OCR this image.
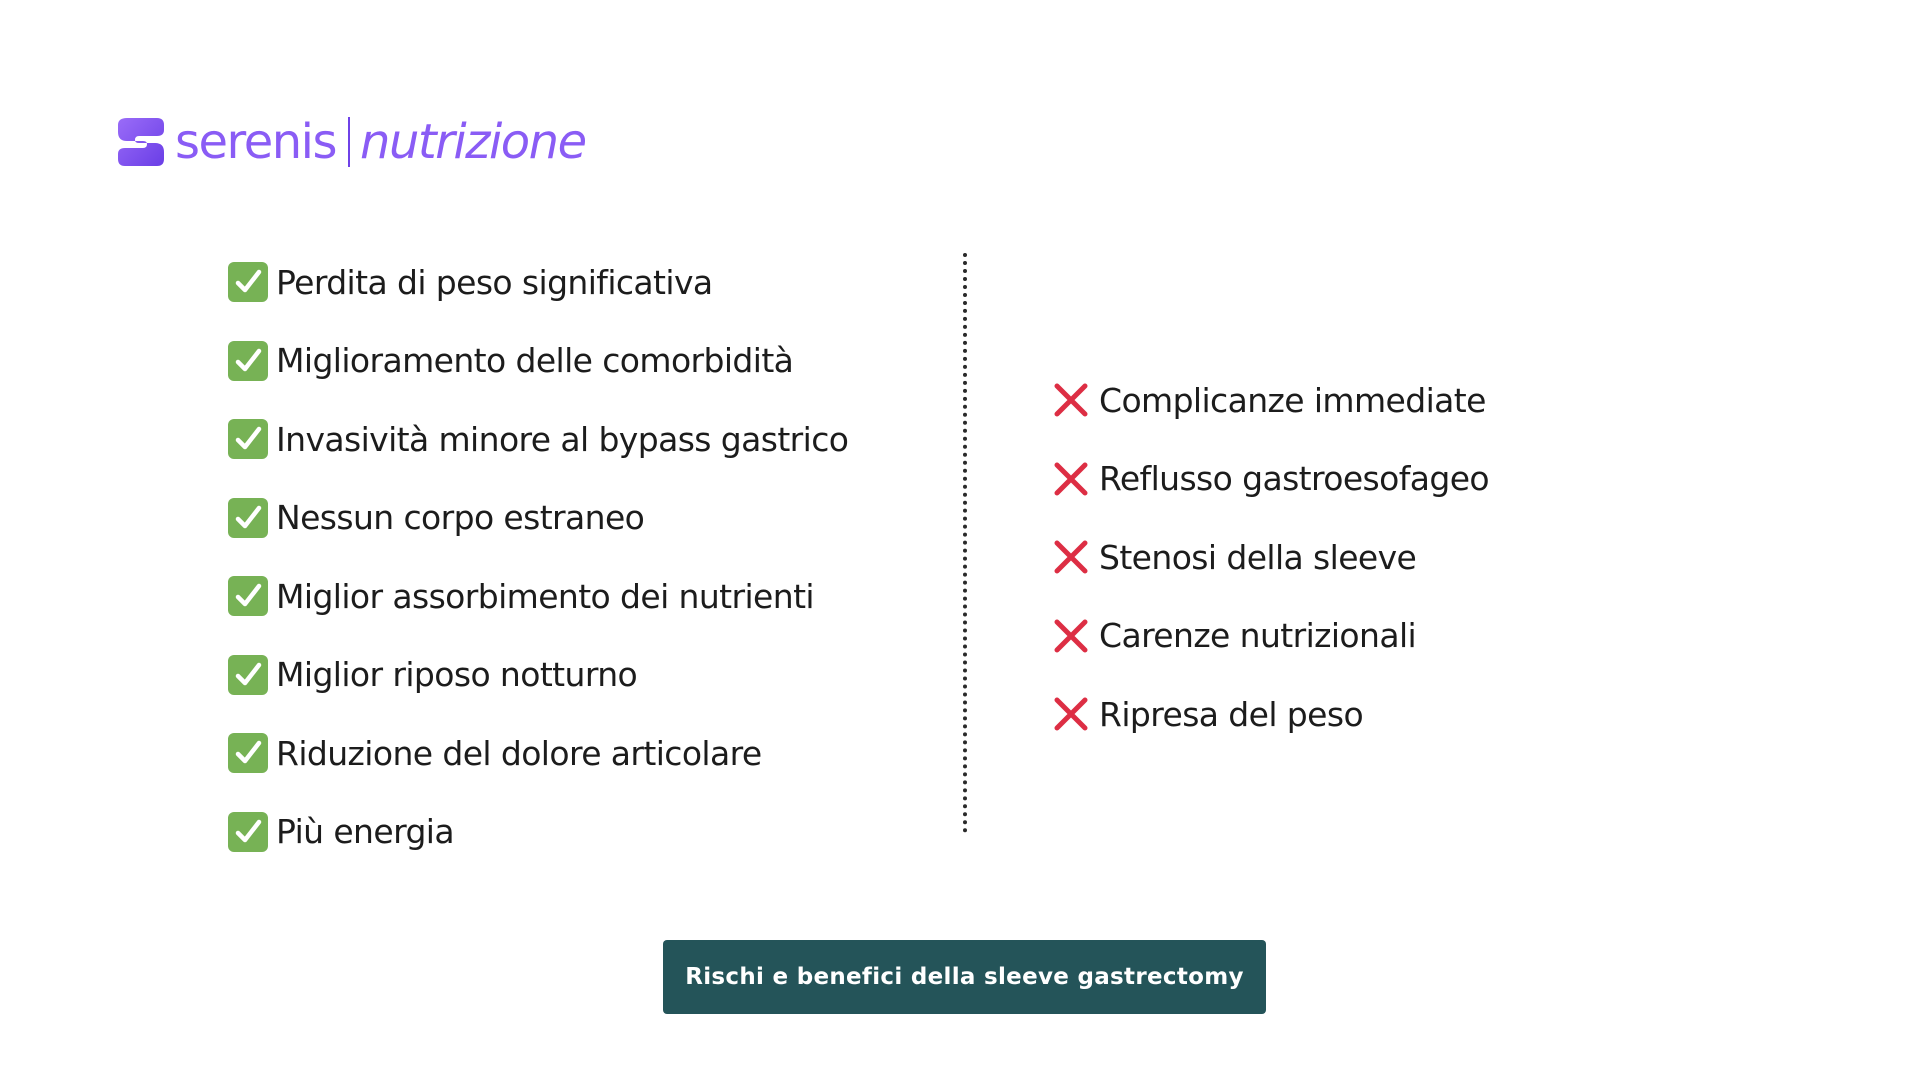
serenis nutrizione
Perdita di peso significativa
Miglioramento delle comorbidità
Invasività minore al bypass gastrico
Nessun corpo estraneo
Miglior assorbimento dei nutrienti
Miglior riposo notturno
Riduzione del dolore articolare
Più energia
Complicanze immediate
Reflusso gastroesofageo
Stenosi della sleeve
Carenze nutrizionali
Ripresa del peso
Rischi e benefici della sleeve gastrectomy
